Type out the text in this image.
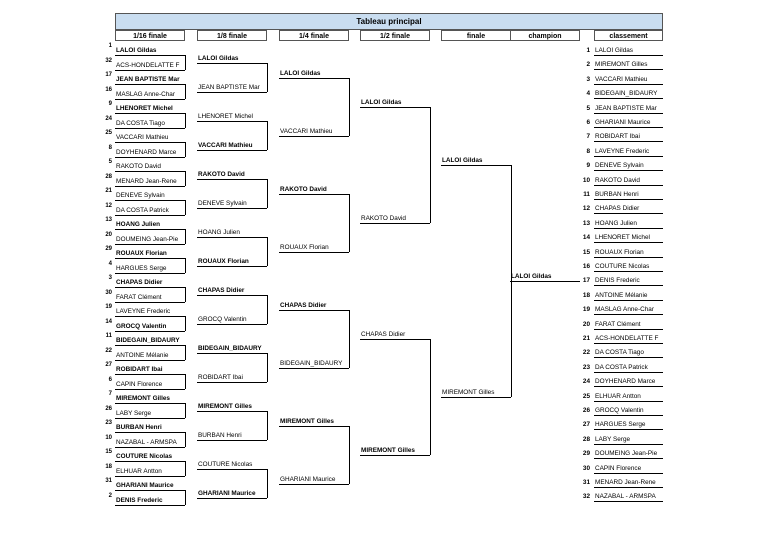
Tableau principal
1/16 finale	1/8 finale	1/4 finale	1/2 finale	finale	champion	classement
1
LALOI Gildas
32
ACS-HONDELATTE F
17
JEAN BAPTISTE Mar
16
MASLAG Anne-Char
9
LHENORET Michel
24
DA COSTA Tiago
25
VACCARI Mathieu
8
DOYHENARD Marce
5
RAKOTO David
28
MENARD Jean-Rene
21
DENEVE Sylvain
12
DA COSTA Patrick
13
HOANG Julien
20
DOUMEING Jean-Pie
29
ROUAUX Florian
4
HARGUES Serge
3
CHAPAS Didier
30
FARAT Clément
19
LAVEYNE Frederic
14
GROCQ Valentin
11
BIDEGAIN_BIDAURY
22
ANTOINE Mélanie
27
ROBIDART Ibai
6
CAPIN Florence
7
MIREMONT Gilles
26
LABY Serge
23
BURBAN Henri
10
NAZABAL - ARMSPA
15
COUTURE Nicolas
18
ELHUAR Antton
31
GHARIANI Maurice
2
DENIS Frederic
LALOI Gildas
JEAN BAPTISTE Mar
LHENORET Michel
VACCARI Mathieu
RAKOTO David
DENEVE Sylvain
HOANG Julien
ROUAUX Florian
CHAPAS Didier
GROCQ Valentin
BIDEGAIN_BIDAURY
ROBIDART Ibai
MIREMONT Gilles
BURBAN Henri
COUTURE Nicolas
GHARIANI Maurice
LALOI Gildas
VACCARI Mathieu
RAKOTO David
ROUAUX Florian
CHAPAS Didier
BIDEGAIN_BIDAURY
MIREMONT Gilles
GHARIANI Maurice
LALOI Gildas
RAKOTO David
CHAPAS Didier
MIREMONT Gilles
LALOI Gildas
MIREMONT Gilles
LALOI Gildas
1 LALOI Gildas
2 MIREMONT Gilles
3 VACCARI Mathieu
4 BIDEGAIN_BIDAURY
5 JEAN BAPTISTE Mar
6 GHARIANI Maurice
7 ROBIDART Ibai
8 LAVEYNE Frederic
9 DENEVE Sylvain
10 RAKOTO David
11 BURBAN Henri
12 CHAPAS Didier
13 HOANG Julien
14 LHENORET Michel
15 ROUAUX Florian
16 COUTURE Nicolas
17 DENIS Frederic
18 ANTOINE Mélanie
19 MASLAG Anne-Char
20 FARAT Clément
21 ACS-HONDELATTE F
22 DA COSTA Tiago
23 DA COSTA Patrick
24 DOYHENARD Marce
25 ELHUAR Antton
26 GROCQ Valentin
27 HARGUES Serge
28 LABY Serge
29 DOUMEING Jean-Pie
30 CAPIN Florence
31 MENARD Jean-Rene
32 NAZABAL - ARMSPA
